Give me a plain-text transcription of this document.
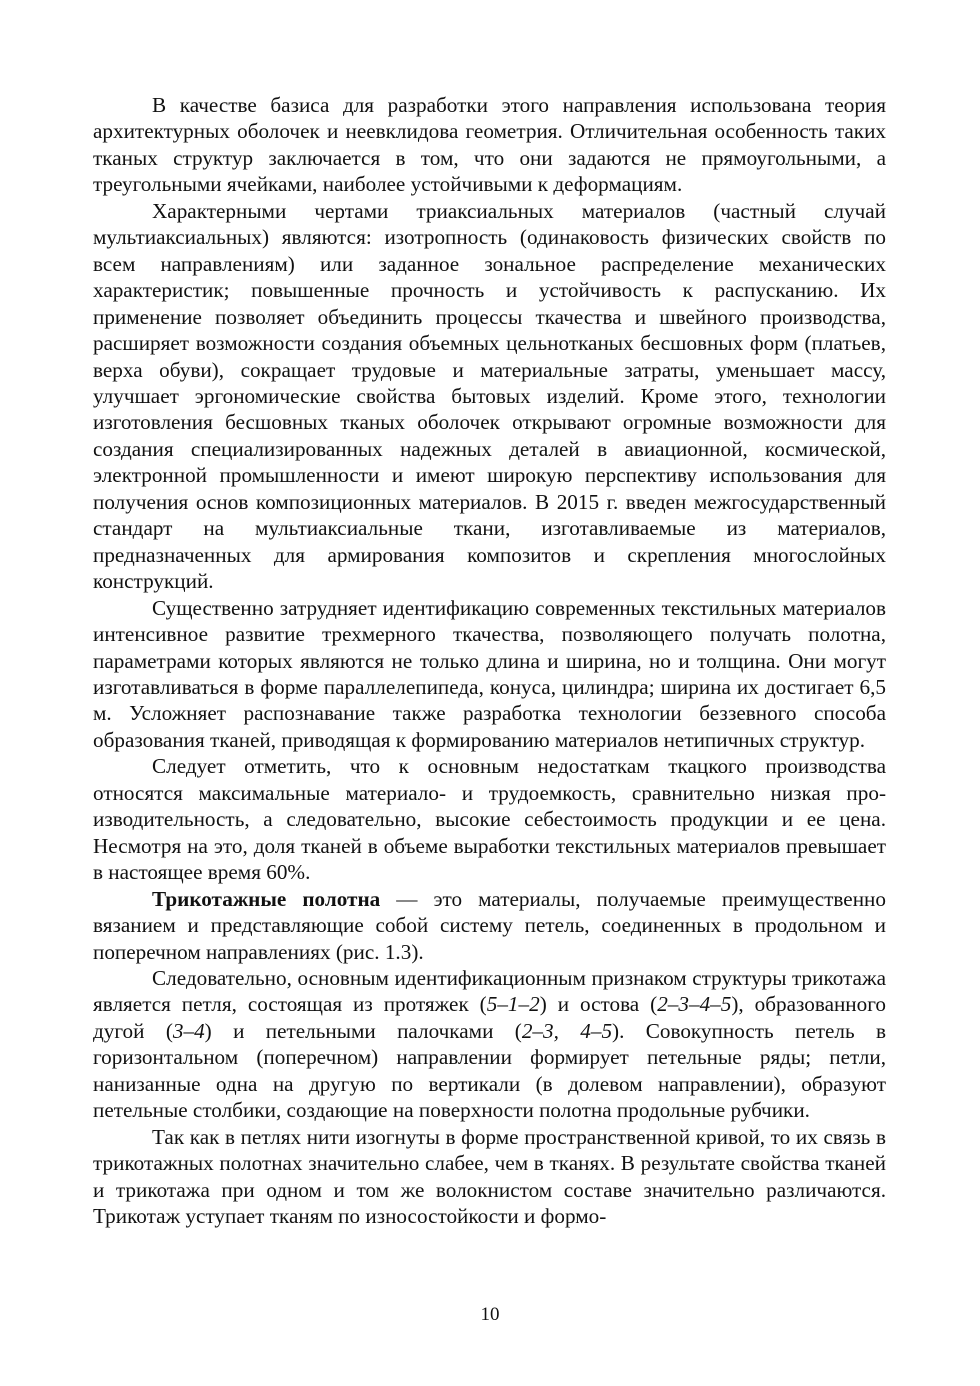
В качестве базиса для разработки этого направления использована теория архитектурных оболочек и неевклидова геометрия. Отличительная особенность таких тканых структур заключается в том, что они задаются не прямоугольными, а треугольными ячейками, наиболее устойчивыми к деформациям.

Характерными чертами триаксиальных материалов (частный случай мультиаксиальных) являются: изотропность (одинаковость физических свойств по всем направлениям) или заданное зональное распределение механических характеристик; повышенные прочность и устойчивость к распусканию. Их применение позволяет объединить процессы ткачества и швейного производства, расширяет возможности создания объемных цельнотканых бесшовных форм (платьев, верха обуви), сокращает трудовые и материальные затраты, уменьшает массу, улучшает эргономические свойства бытовых изделий. Кроме этого, технологии изготовления бесшовных тканых оболочек открывают огромные возможности для создания специализированных надежных деталей в авиационной, космической, электронной промышленности и имеют широкую перспективу использования для получения основ композиционных материалов. В 2015 г. введен межгосударственный стандарт на мультиаксиальные ткани, изготавливаемые из материалов, предназначенных для армирования композитов и скрепления многослойных конструкций.

Существенно затрудняет идентификацию современных текстильных материалов интенсивное развитие трехмерного ткачества, позволяющего получать полотна, параметрами которых являются не только длина и ширина, но и толщина. Они могут изготавливаться в форме параллелепипеда, конуса, цилиндра; ширина их достигает 6,5 м. Усложняет распознавание также разработка технологии беззевного способа образования тканей, приводящая к формированию материалов нетипичных структур.

Следует отметить, что к основным недостаткам ткацкого производства относятся максимальные материало- и трудоемкость, сравнительно низкая производительность, а следовательно, высокие себестоимость продукции и ее цена. Несмотря на это, доля тканей в объеме выработки текстильных материалов превышает в настоящее время 60%.

Трикотажные полотна — это материалы, получаемые преимущественно вязанием и представляющие собой систему петель, соединенных в продольном и поперечном направлениях (рис. 1.3).

Следовательно, основным идентификационным признаком структуры трикотажа является петля, состоящая из протяжек (5–1–2) и остова (2–3–4–5), образованного дугой (3–4) и петельными палочками (2–3, 4–5). Совокупность петель в горизонтальном (поперечном) направлении формирует петельные ряды; петли, нанизанные одна на другую по вертикали (в долевом направлении), образуют петельные столбики, создающие на поверхности полотна продольные рубчики.

Так как в петлях нити изогнуты в форме пространственной кривой, то их связь в трикотажных полотнах значительно слабее, чем в тканях. В результате свойства тканей и трикотажа при одном и том же волокнистом составе значительно различаются. Трикотаж уступает тканям по износостойкости и формо-

10
